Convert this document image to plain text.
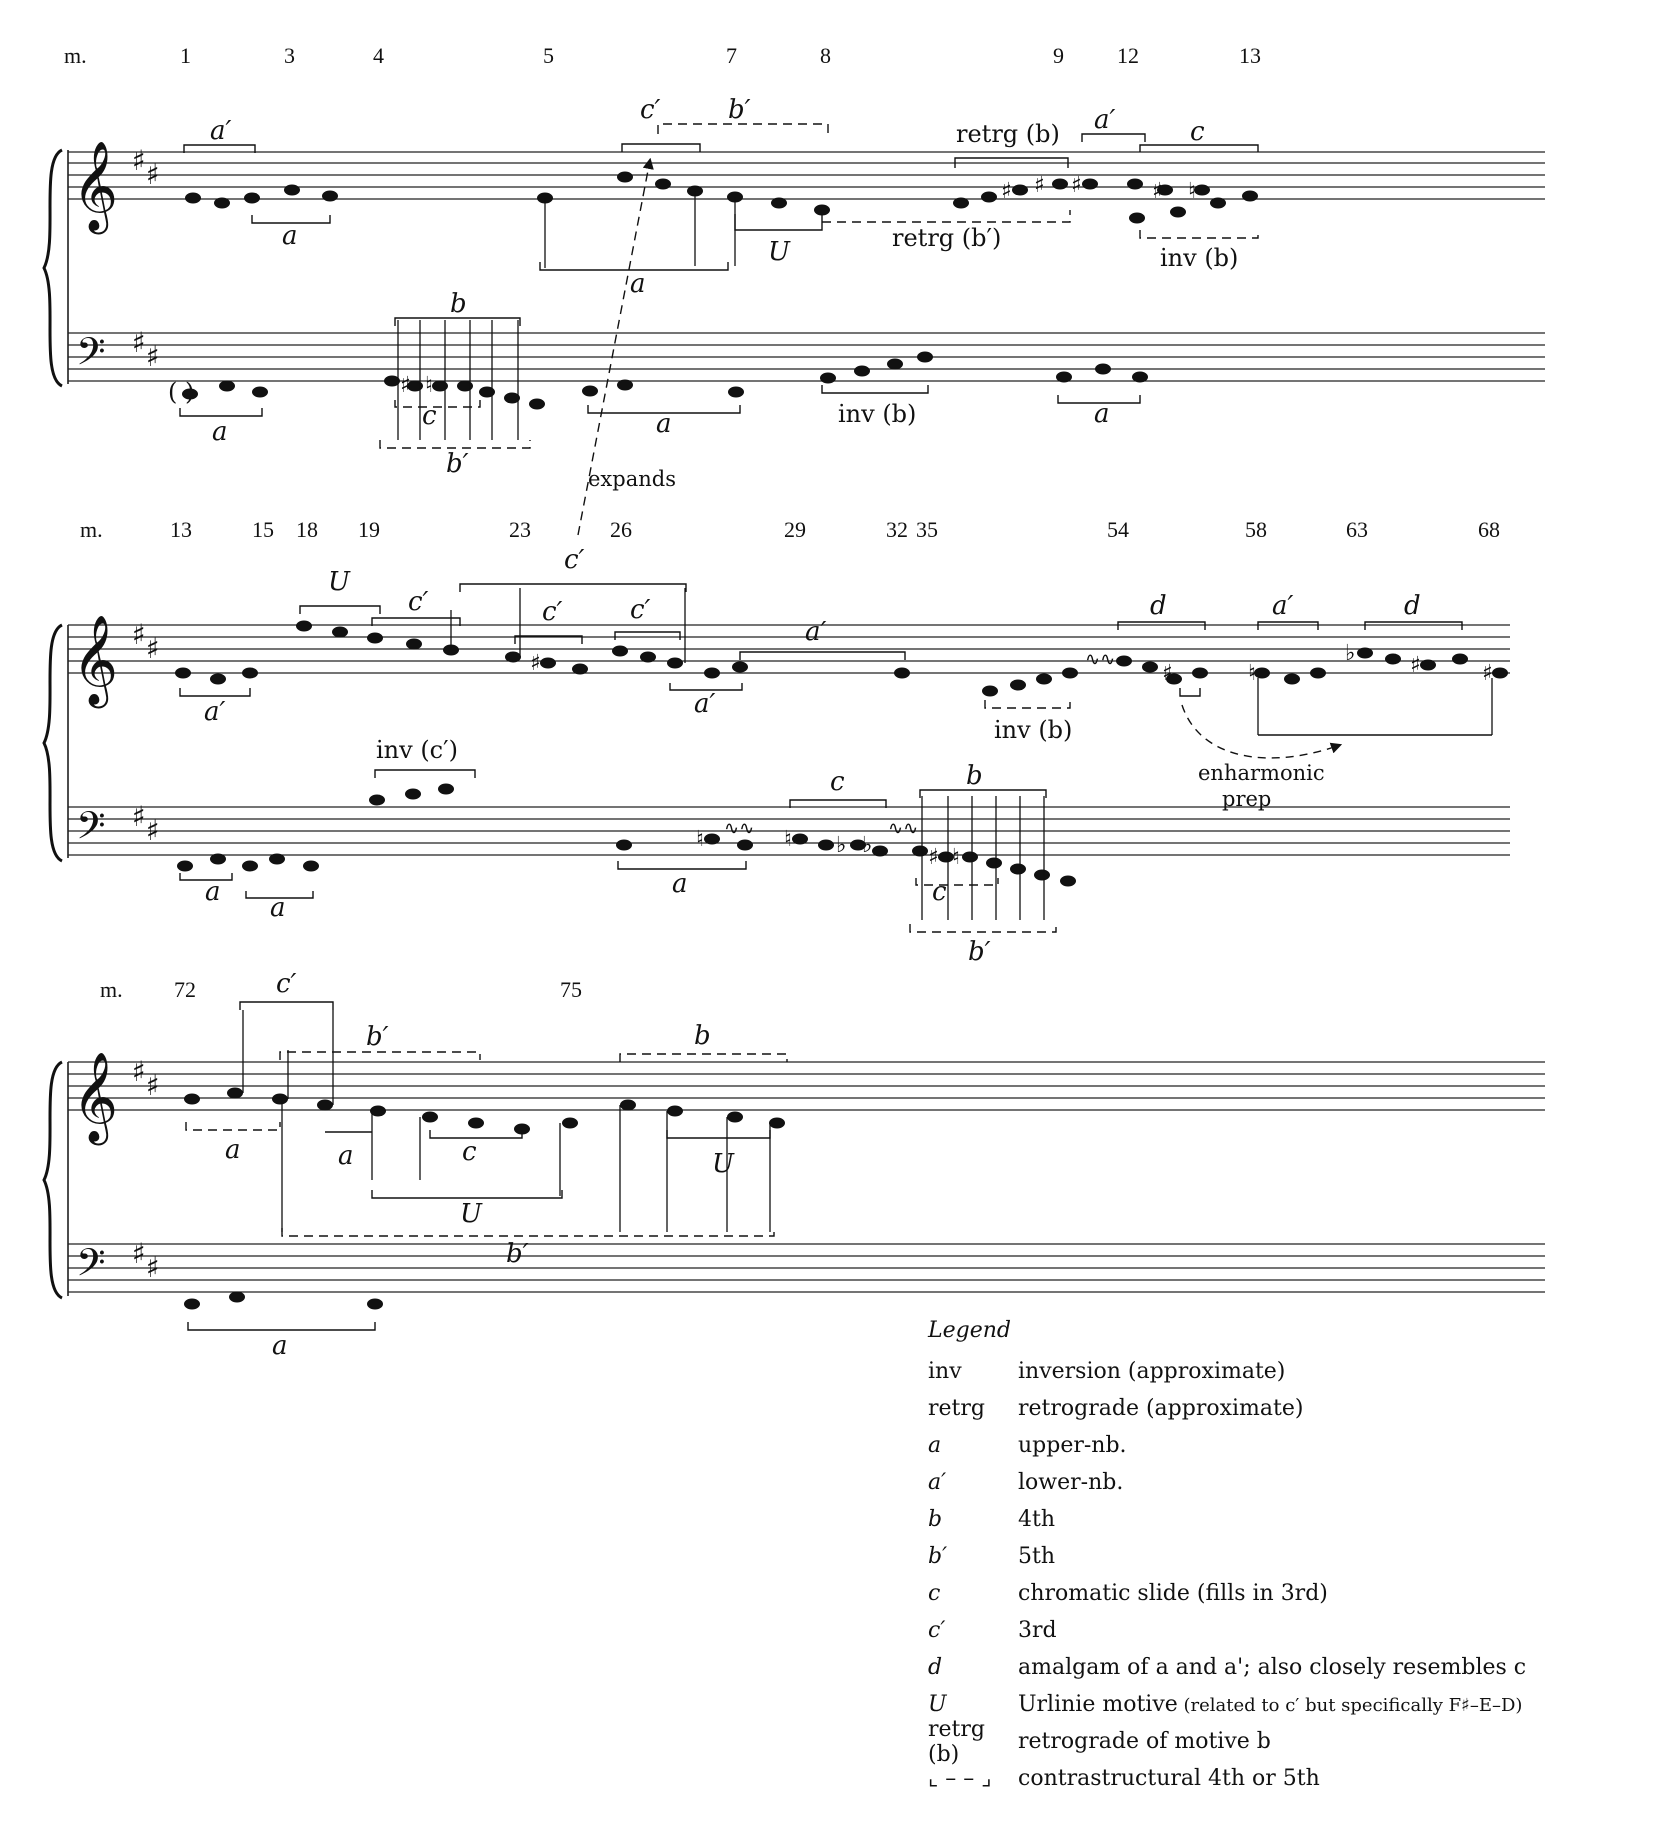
m.	1	3	4	5	7	8	9 12	13
𝄞 ♯ ♯
𝄢 ♯ ♯
♯ ♯ ♯	♯ ♮
a′
a
c′	b′
a
U	retrg (b′)
retrg (b) a′	c
inv (b)
expands
( )	♯ ♮
a
b
c
b′
a	inv (b)	a
m.	13	15 18 19	23	26	29	32 35	54	58	63	68
𝄞 ♯ ♯
𝄢 ♯ ♯
♯	♯	♮
♭ ♯	♯
∿∿
a′
U
c′
c′
c′	c′
a′
a′
inv (b)
d	a′	d
enharmonic
prep
♮	♮ ♭ ♭	♯ ♮
∿∿	∿∿
a
a
inv (c′)
a
c	b
c
b′
m. 72	75
𝄞 ♯ ♯
𝄢 ♯ ♯
c′
b′	b
a	a	c
U
U
b′
a
Legend
inv	inversion (approximate)
retrg	retrograde (approximate)
a	upper-nb.
a′	lower-nb.
b	4th
b′	5th
c	chromatic slide (fills in 3rd)
c′	3rd
d	amalgam of a and a'; also closely resembles c
U	Urlinie motive (related to c′ but specifically F♯–E–D)
retrg (b)	retrograde of motive b
⌞ – – ⌟	contrastructural 4th or 5th
